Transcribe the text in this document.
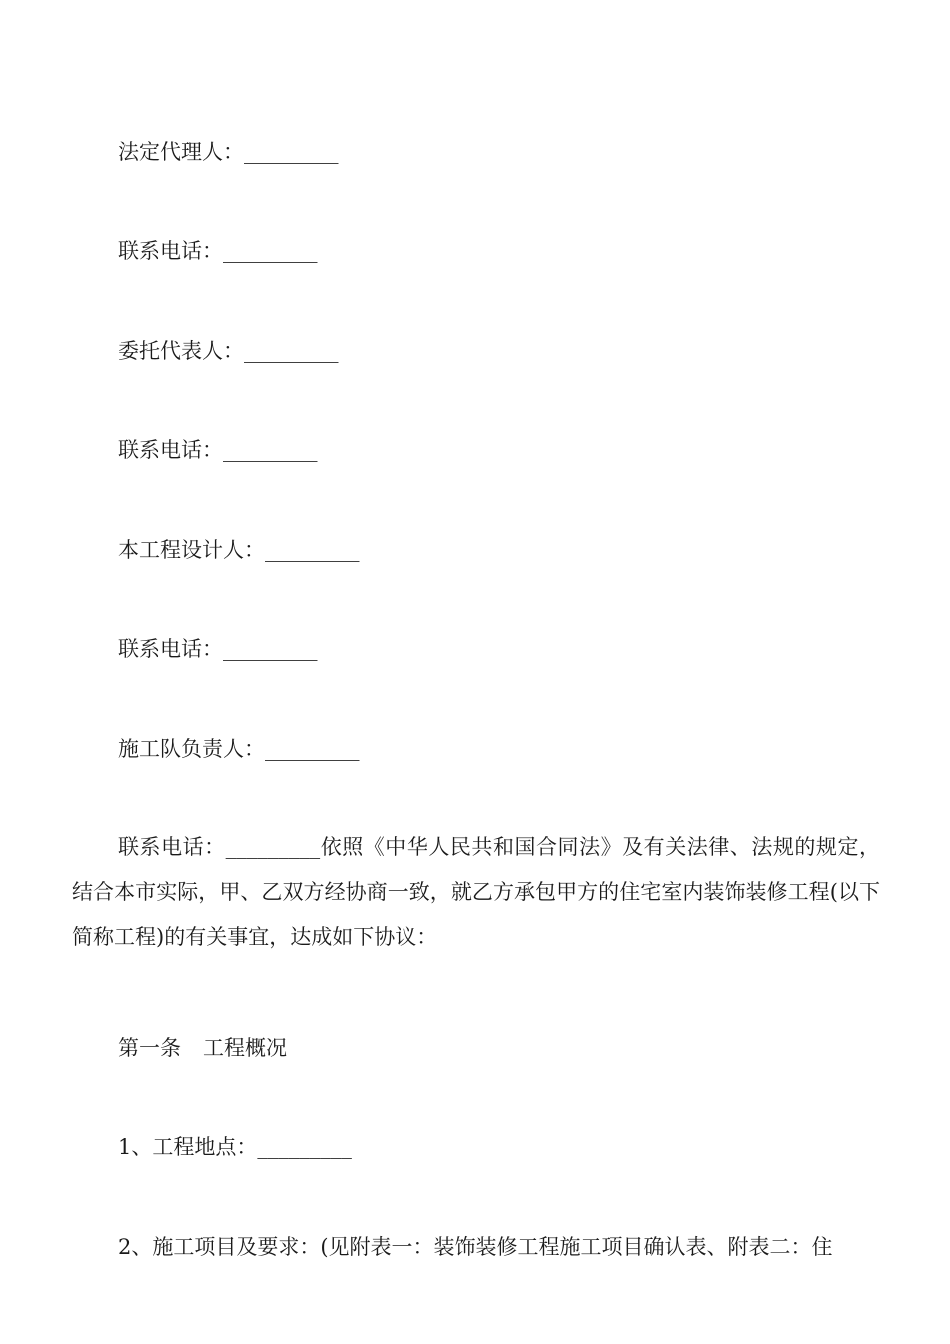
法定代理人：_________
联系电话：_________
委托代表人：_________
联系电话：_________
本工程设计人：_________
联系电话：_________
施工队负责人：_________
联系电话：_________依照《中华人民共和国合同法》及有关法律、法规的规定，结合本市实际，甲、乙双方经协商一致，就乙方承包甲方的住宅室内装饰装修工程(以下简称工程)的有关事宜，达成如下协议：
第一条 工程概况
1、工程地点：_________
2、施工项目及要求：(见附表一：装饰装修工程施工项目确认表、附表二：住
